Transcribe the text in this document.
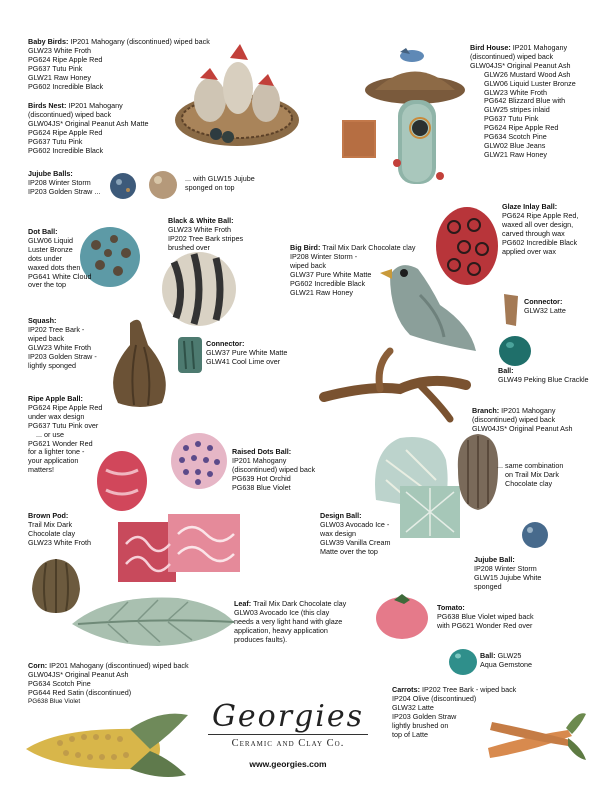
Baby Birds: IP201 Mahogany (discontinued) wiped back
GLW23 White Froth
PG624 Ripe Apple Red
PG637 Tutu Pink
GLW21 Raw Honey
PG602 Incredible Black
Birds Nest: IP201 Mahogany
(discontinued) wiped back
GLW04JS* Original Peanut Ash Matte
PG624 Ripe Apple Red
PG637 Tutu Pink
PG602 Incredible Black
Jujube Balls:
IP208 Winter Storm
IP203 Golden Straw ...
... with GLW15 Jujube
sponged on top
Dot Ball:
GLW06 Liquid
Luster Bronze
dots under
waxed dots then
PG641 White Cloud
over the top
Black & White Ball:
GLW23 White Froth
IP202 Tree Bark stripes
brushed over
Squash:
IP202 Tree Bark -
wiped back
GLW23 White Froth
IP203 Golden Straw -
lightly sponged
Connector:
GLW37 Pure White Matte
GLW41 Cool Lime over
Big Bird: Trail Mix Dark Chocolate clay
IP208 Winter Storm -
wiped back
GLW37 Pure White Matte
PG602 Incredible Black
GLW21 Raw Honey
Bird House: IP201 Mahogany
(discontinued) wiped back
GLW04JS* Original Peanut Ash
GLW26 Mustard Wood Ash
GLW06 Liquid Luster Bronze
GLW23 White Froth
PG642 Blizzard Blue with
GLW25 stripes inlaid
PG637 Tutu Pink
PG624 Ripe Apple Red
PG634 Scotch Pine
GLW02 Blue Jeans
GLW21 Raw Honey
Glaze Inlay Ball:
PG624 Ripe Apple Red,
waxed all over design,
carved through wax
PG602 Incredible Black
applied over wax
Connector:
GLW32 Latte
Ball:
GLW49 Peking Blue Crackle
Branch: IP201 Mahogany
(discontinued) wiped back
GLW04JS* Original Peanut Ash
Ripe Apple Ball:
PG624 Ripe Apple Red
under wax design
PG637 Tutu Pink over
... or use
PG621 Wonder Red
for a lighter tone -
your application
matters!
Raised Dots Ball:
IP201 Mahogany
(discontinued) wiped back
PG639 Hot Orchid
PG638 Blue Violet
... same combination
on Trail Mix Dark
Chocolate clay
Brown Pod:
Trail Mix Dark
Chocolate clay
GLW23 White Froth
Design Ball:
GLW03 Avocado Ice -
wax design
GLW39 Vanilla Cream
Matte over the top
Jujube Ball:
IP208 Winter Storm
GLW15 Jujube White
sponged
Leaf: Trail Mix Dark Chocolate clay
GLW03 Avocado Ice (this clay
needs a very light hand with glaze
application, heavy application
produces faults).
Tomato:
PG638 Blue Violet wiped back
with PG621 Wonder Red over
Ball: GLW25
Aqua Gemstone
Corn: IP201 Mahogany (discontinued) wiped back
GLW04JS* Original Peanut Ash
PG634 Scotch Pine
PG644 Red Satin (discontinued)
PG638 Blue Violet
Carrots: IP202 Tree Bark - wiped back
IP204 Olive (discontinued)
GLW32 Latte
IP203 Golden Straw
lightly brushed on
top of Latte
Georgies
Ceramic and Clay Co.
www.georgies.com
